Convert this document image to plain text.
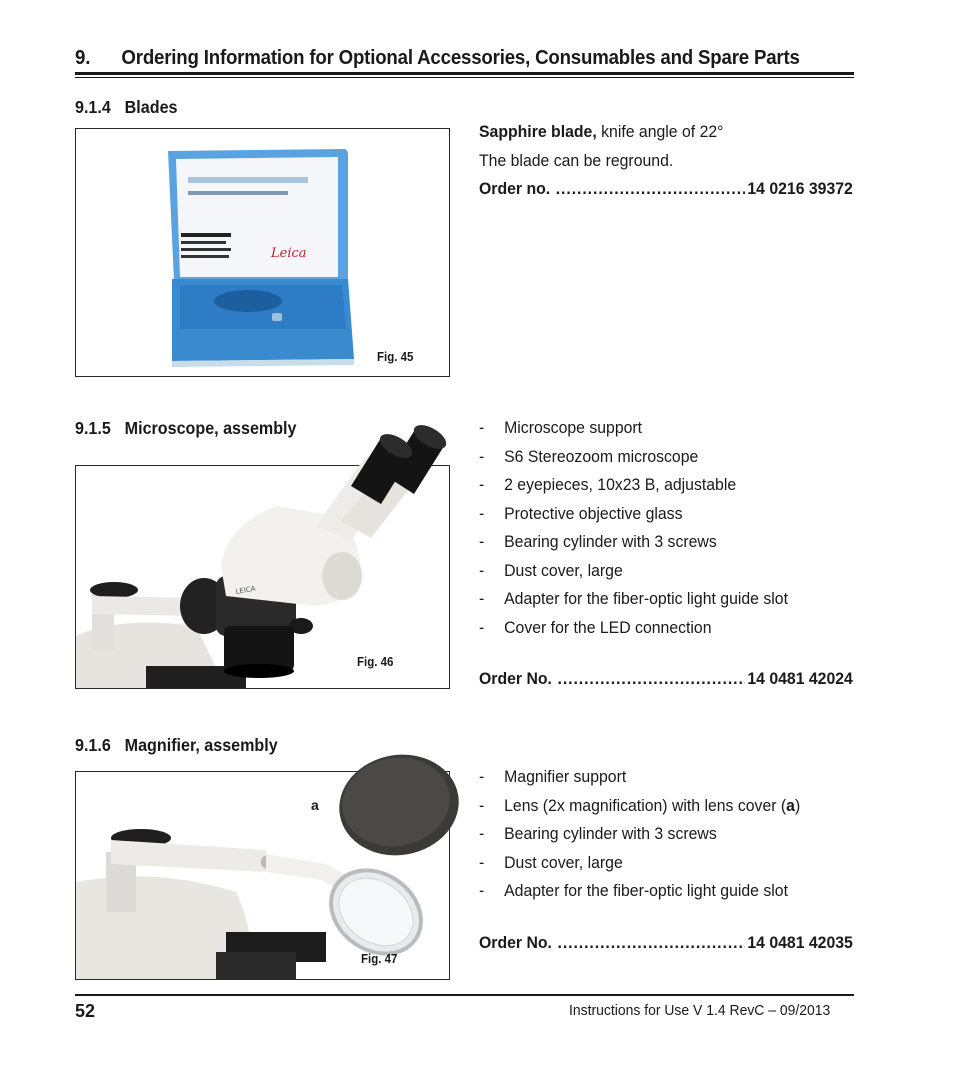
9. Ordering Information for Optional Accessories, Consumables and Spare Parts
9.1.4 Blades
Leica
Fig. 45
Sapphire blade, knife angle of 22°
The blade can be reground.
Order no. .....	14 0216 39372
9.1.5 Microscope, assembly
LEICA
Fig. 46
- Microscope support
- S6 Stereozoom microscope
- 2 eyepieces, 10x23 B, adjustable
- Protective objective glass
- Bearing cylinder with 3 screws
- Dust cover, large
- Adapter for the fiber-optic light guide slot
- Cover for the LED connection
Order No. .....	14 0481 42024
9.1.6 Magnifier, assembly
a
Fig. 47
- Magnifier support
- Lens (2x magnification) with lens cover (a)
- Bearing cylinder with 3 screws
- Dust cover, large
- Adapter for the fiber-optic light guide slot
Order No. .....	14 0481 42035
52	Instructions for Use V 1.4 RevC – 09/2013
